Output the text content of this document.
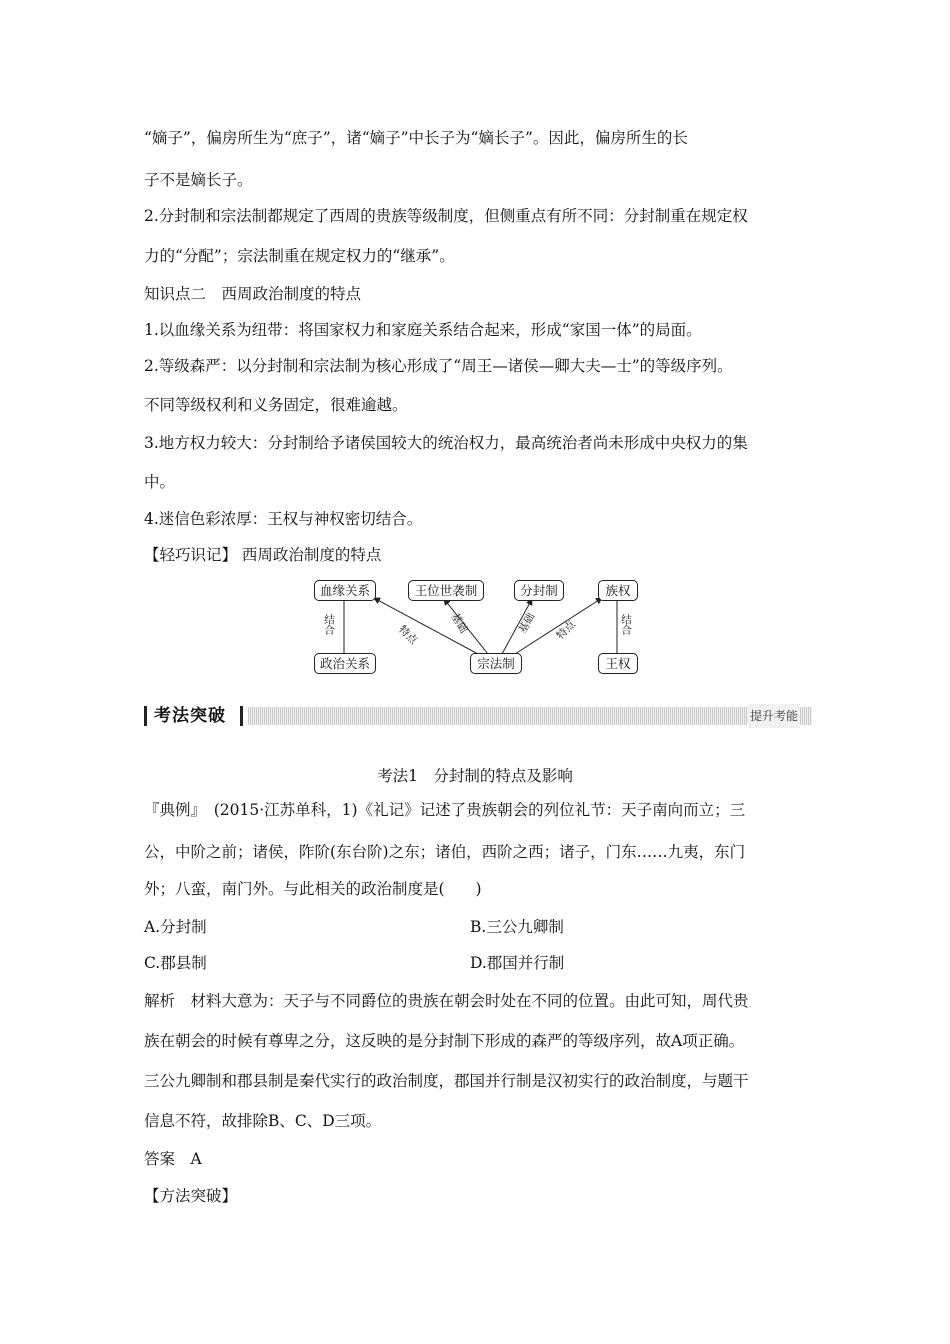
“嫡子”，偏房所生为“庶子”，诸“嫡子”中长子为“嫡长子”。因此，偏房所生的长
子不是嫡长子。
2.分封制和宗法制都规定了西周的贵族等级制度，但侧重点有所不同：分封制重在规定权
力的“分配”；宗法制重在规定权力的“继承”。
知识点二　西周政治制度的特点
1.以血缘关系为纽带：将国家权力和家庭关系结合起来，形成“家国一体”的局面。
2.等级森严：以分封制和宗法制为核心形成了“周王—诸侯—卿大夫—士”的等级序列。
不同等级权利和义务固定，很难逾越。
3.地方权力较大：分封制给予诸侯国较大的统治权力，最高统治者尚未形成中央权力的集
中。
4.迷信色彩浓厚：王权与神权密切结合。
【轻巧识记】 西周政治制度的特点
血缘关系	王位世袭制	分封制	族权
政治关系	宗法制	王权
结合	结合
特点	基础	基础 特点
考法突破	提升考能
考法1　分封制的特点及影响
『典例』　(2015·江苏单科，1)《礼记》记述了贵族朝会的列位礼节：天子南向而立；三
公，中阶之前；诸侯，阼阶(东台阶)之东；诸伯，西阶之西；诸子，门东……九夷，东门
外；八蛮，南门外。与此相关的政治制度是(　　)
A.分封制	B.三公九卿制
C.郡县制	D.郡国并行制
解析　材料大意为：天子与不同爵位的贵族在朝会时处在不同的位置。由此可知，周代贵
族在朝会的时候有尊卑之分，这反映的是分封制下形成的森严的等级序列，故A项正确。
三公九卿制和郡县制是秦代实行的政治制度，郡国并行制是汉初实行的政治制度，与题干
信息不符，故排除B、C、D三项。
答案　A
【方法突破】
